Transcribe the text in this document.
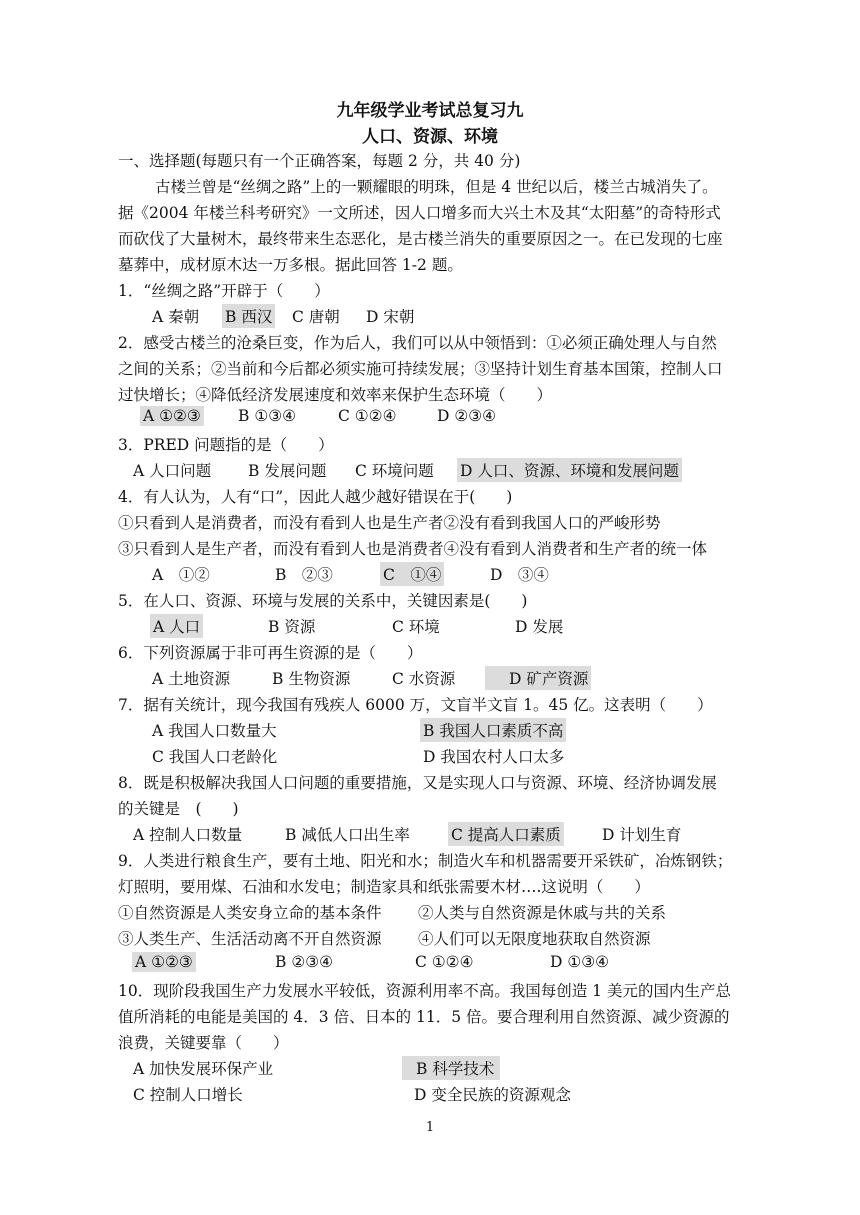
九年级学业考试总复习九
人口、资源、环境
一、选择题(每题只有一个正确答案，每题 2 分，共 40 分)
古楼兰曾是“丝绸之路”上的一颗耀眼的明珠，但是 4 世纪以后，楼兰古城消失了。
据《2004 年楼兰科考研究》一文所述，因人口增多而大兴土木及其“太阳墓”的奇特形式
而砍伐了大量树木，最终带来生态恶化，是古楼兰消失的重要原因之一。在已发现的七座
墓葬中，成材原木达一万多根。据此回答 1-2 题。
1．“丝绸之路”开辟于（　　）
A 秦朝 B 西汉 C 唐朝 D 宋朝
2．感受古楼兰的沧桑巨变，作为后人，我们可以从中领悟到：①必须正确处理人与自然
之间的关系；②当前和今后都必须实施可持续发展；③坚持计划生育基本国策，控制人口
过快增长；④降低经济发展速度和效率来保护生态环境（　　）
A ①②③ B ①③④	C ①②④	D ②③④
3．PRED 问题指的是（　　）
A 人口问题 B 发展问题 C 环境问题 D 人口、资源、环境和发展问题
4．有人认为，人有“口”，因此人越少越好错误在于(　　)
①只看到人是消费者，而没有看到人也是生产者②没有看到我国人口的严峻形势
③只看到人是生产者，而没有看到人也是消费者④没有看到人消费者和生产者的统一体
A　①②	B　②③	C　①④	D　③④
5．在人口、资源、环境与发展的关系中，关键因素是(　　)
A 人口	B 资源	C 环境	D 发展
6．下列资源属于非可再生资源的是（　　）
A 土地资源	B 生物资源	C 水资源	D 矿产资源
7．据有关统计，现今我国有残疾人 6000 万，文盲半文盲 1。45 亿。这表明（　　）
A 我国人口数量大	B 我国人口素质不高
C 我国人口老龄化	D 我国农村人口太多
8．既是积极解决我国人口问题的重要措施，又是实现人口与资源、环境、经济协调发展
的关键是　(　　)
A 控制人口数量	B 减低人口出生率	C 提高人口素质	D 计划生育
9．人类进行粮食生产，要有土地、阳光和水；制造火车和机器需要开采铁矿，冶炼钢铁；
灯照明，要用煤、石油和水发电；制造家具和纸张需要木材….这说明（　　）
①自然资源是人类安身立命的基本条件 ②人类与自然资源是休戚与共的关系
③人类生产、生活活动离不开自然资源 ④人们可以无限度地获取自然资源
A ①②③	B ②③④	C ①②④	D ①③④
10．现阶段我国生产力发展水平较低，资源利用率不高。我国每创造 1 美元的国内生产总
值所消耗的电能是美国的 4．3 倍、日本的 11．5 倍。要合理利用自然资源、减少资源的
浪费，关键要靠（　　）
A 加快发展环保产业	B 科学技术
C 控制人口增长	D 变全民族的资源观念
1
